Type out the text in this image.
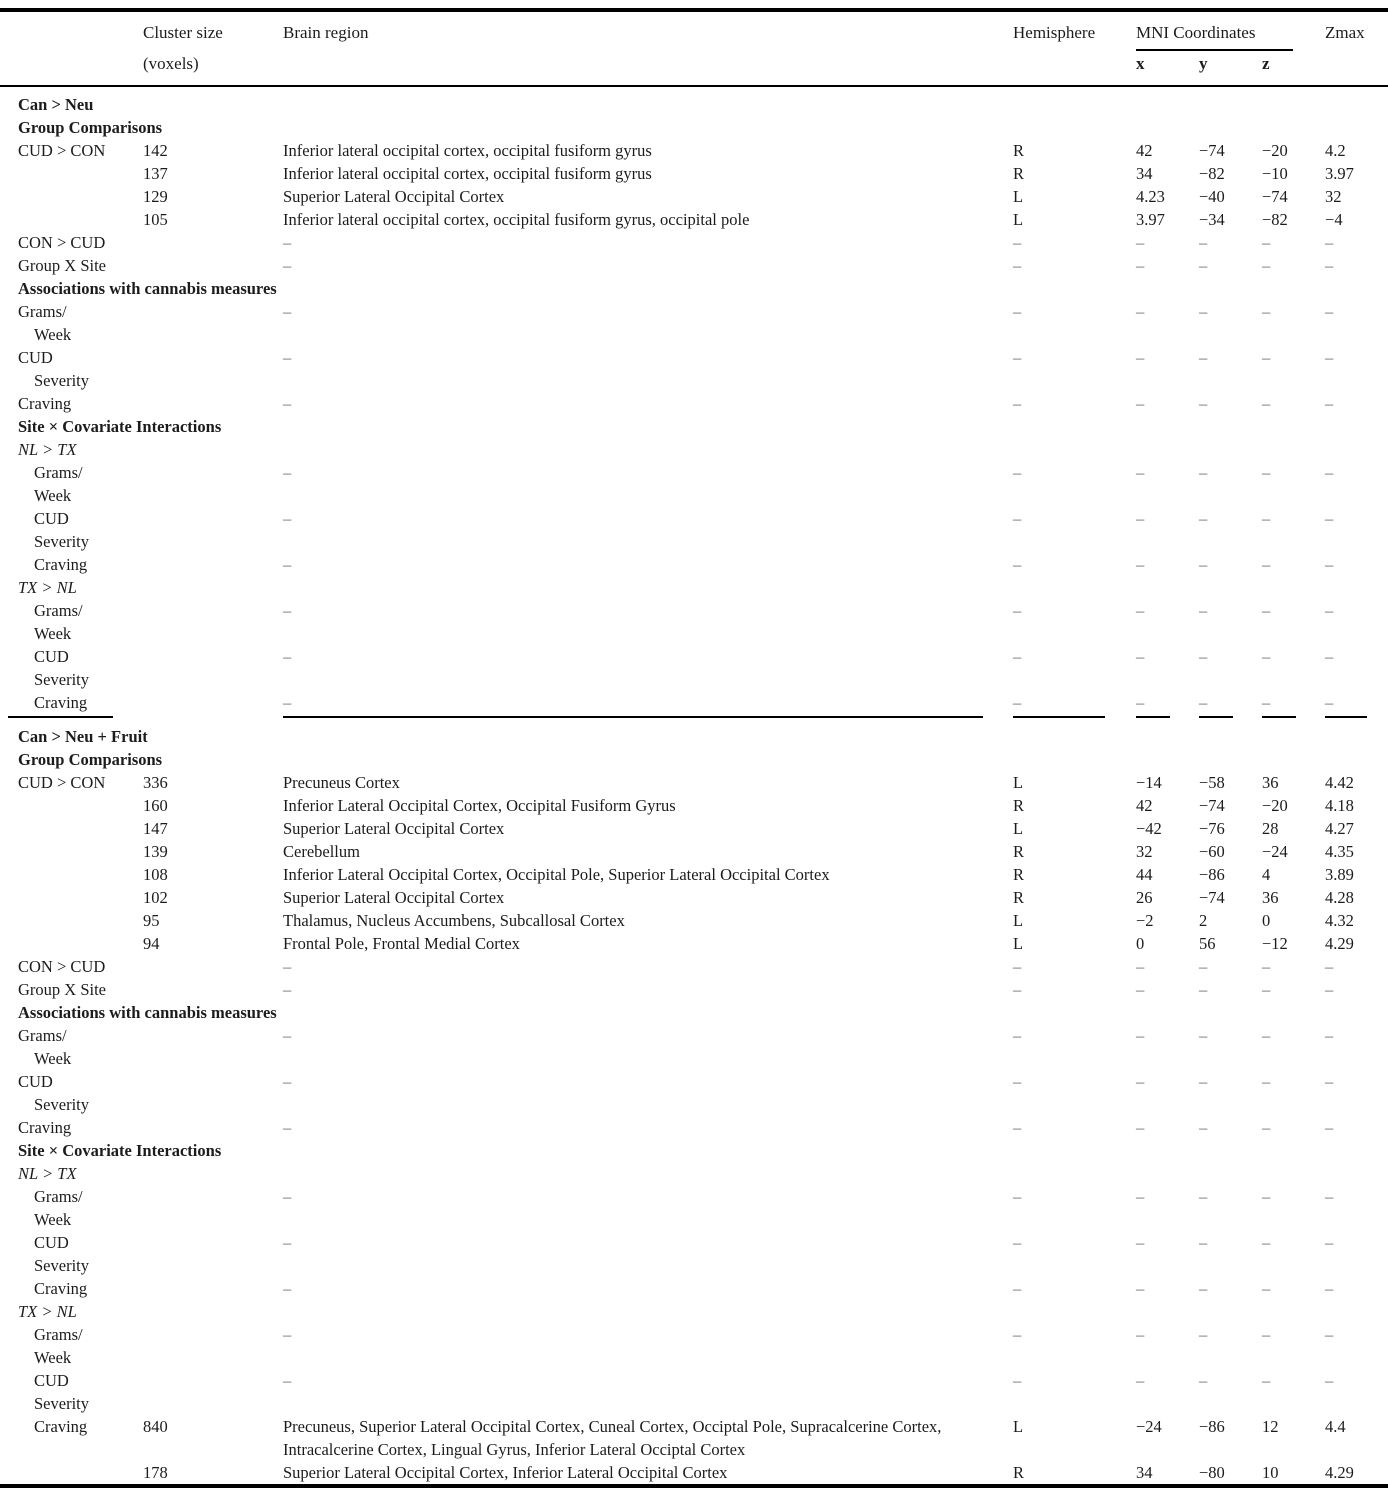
	Cluster size	Brain region	Hemisphere	MNI Coordinates			Zmax
	(voxels)			x	y	z	
Can > Neu							
Group Comparisons							
CUD > CON	142	Inferior lateral occipital cortex, occipital fusiform gyrus	R	42	−74	−20	4.2
	137	Inferior lateral occipital cortex, occipital fusiform gyrus	R	34	−82	−10	3.97
	129	Superior Lateral Occipital Cortex	L	4.23	−40	−74	32
	105	Inferior lateral occipital cortex, occipital fusiform gyrus, occipital pole	L	3.97	−34	−82	−4
CON > CUD		–	–	–	–	–	–
Group X Site		–	–	–	–	–	–
Associations with cannabis measures							
Grams/		–	–	–	–	–	–
Week							
CUD		–	–	–	–	–	–
Severity							
Craving		–	–	–	–	–	–
Site × Covariate Interactions							
NL > TX							
Grams/		–	–	–	–	–	–
Week							
CUD		–	–	–	–	–	–
Severity							
Craving		–	–	–	–	–	–
TX > NL							
Grams/		–	–	–	–	–	–
Week							
CUD		–	–	–	–	–	–
Severity							
Craving		–	–	–	–	–	–

Can > Neu + Fruit							
Group Comparisons							
CUD > CON	336	Precuneus Cortex	L	−14	−58	36	4.42
	160	Inferior Lateral Occipital Cortex, Occipital Fusiform Gyrus	R	42	−74	−20	4.18
	147	Superior Lateral Occipital Cortex	L	−42	−76	28	4.27
	139	Cerebellum	R	32	−60	−24	4.35
	108	Inferior Lateral Occipital Cortex, Occipital Pole, Superior Lateral Occipital Cortex	R	44	−86	4	3.89
	102	Superior Lateral Occipital Cortex	R	26	−74	36	4.28
	95	Thalamus, Nucleus Accumbens, Subcallosal Cortex	L	−2	2	0	4.32
	94	Frontal Pole, Frontal Medial Cortex	L	0	56	−12	4.29
CON > CUD		–	–	–	–	–	–
Group X Site		–	–	–	–	–	–
Associations with cannabis measures							
Grams/		–	–	–	–	–	–
Week							
CUD		–	–	–	–	–	–
Severity							
Craving		–	–	–	–	–	–
Site × Covariate Interactions							
NL > TX							
Grams/		–	–	–	–	–	–
Week							
CUD		–	–	–	–	–	–
Severity							
Craving		–	–	–	–	–	–
TX > NL							
Grams/		–	–	–	–	–	–
Week							
CUD		–	–	–	–	–	–
Severity							
Craving	840	Precuneus, Superior Lateral Occipital Cortex, Cuneal Cortex, Occiptal Pole, Supracalcerine Cortex, Intracalcerine Cortex, Lingual Gyrus, Inferior Lateral Occiptal Cortex	L	−24	−86	12	4.4
	178	Superior Lateral Occipital Cortex, Inferior Lateral Occipital Cortex	R	34	−80	10	4.29
